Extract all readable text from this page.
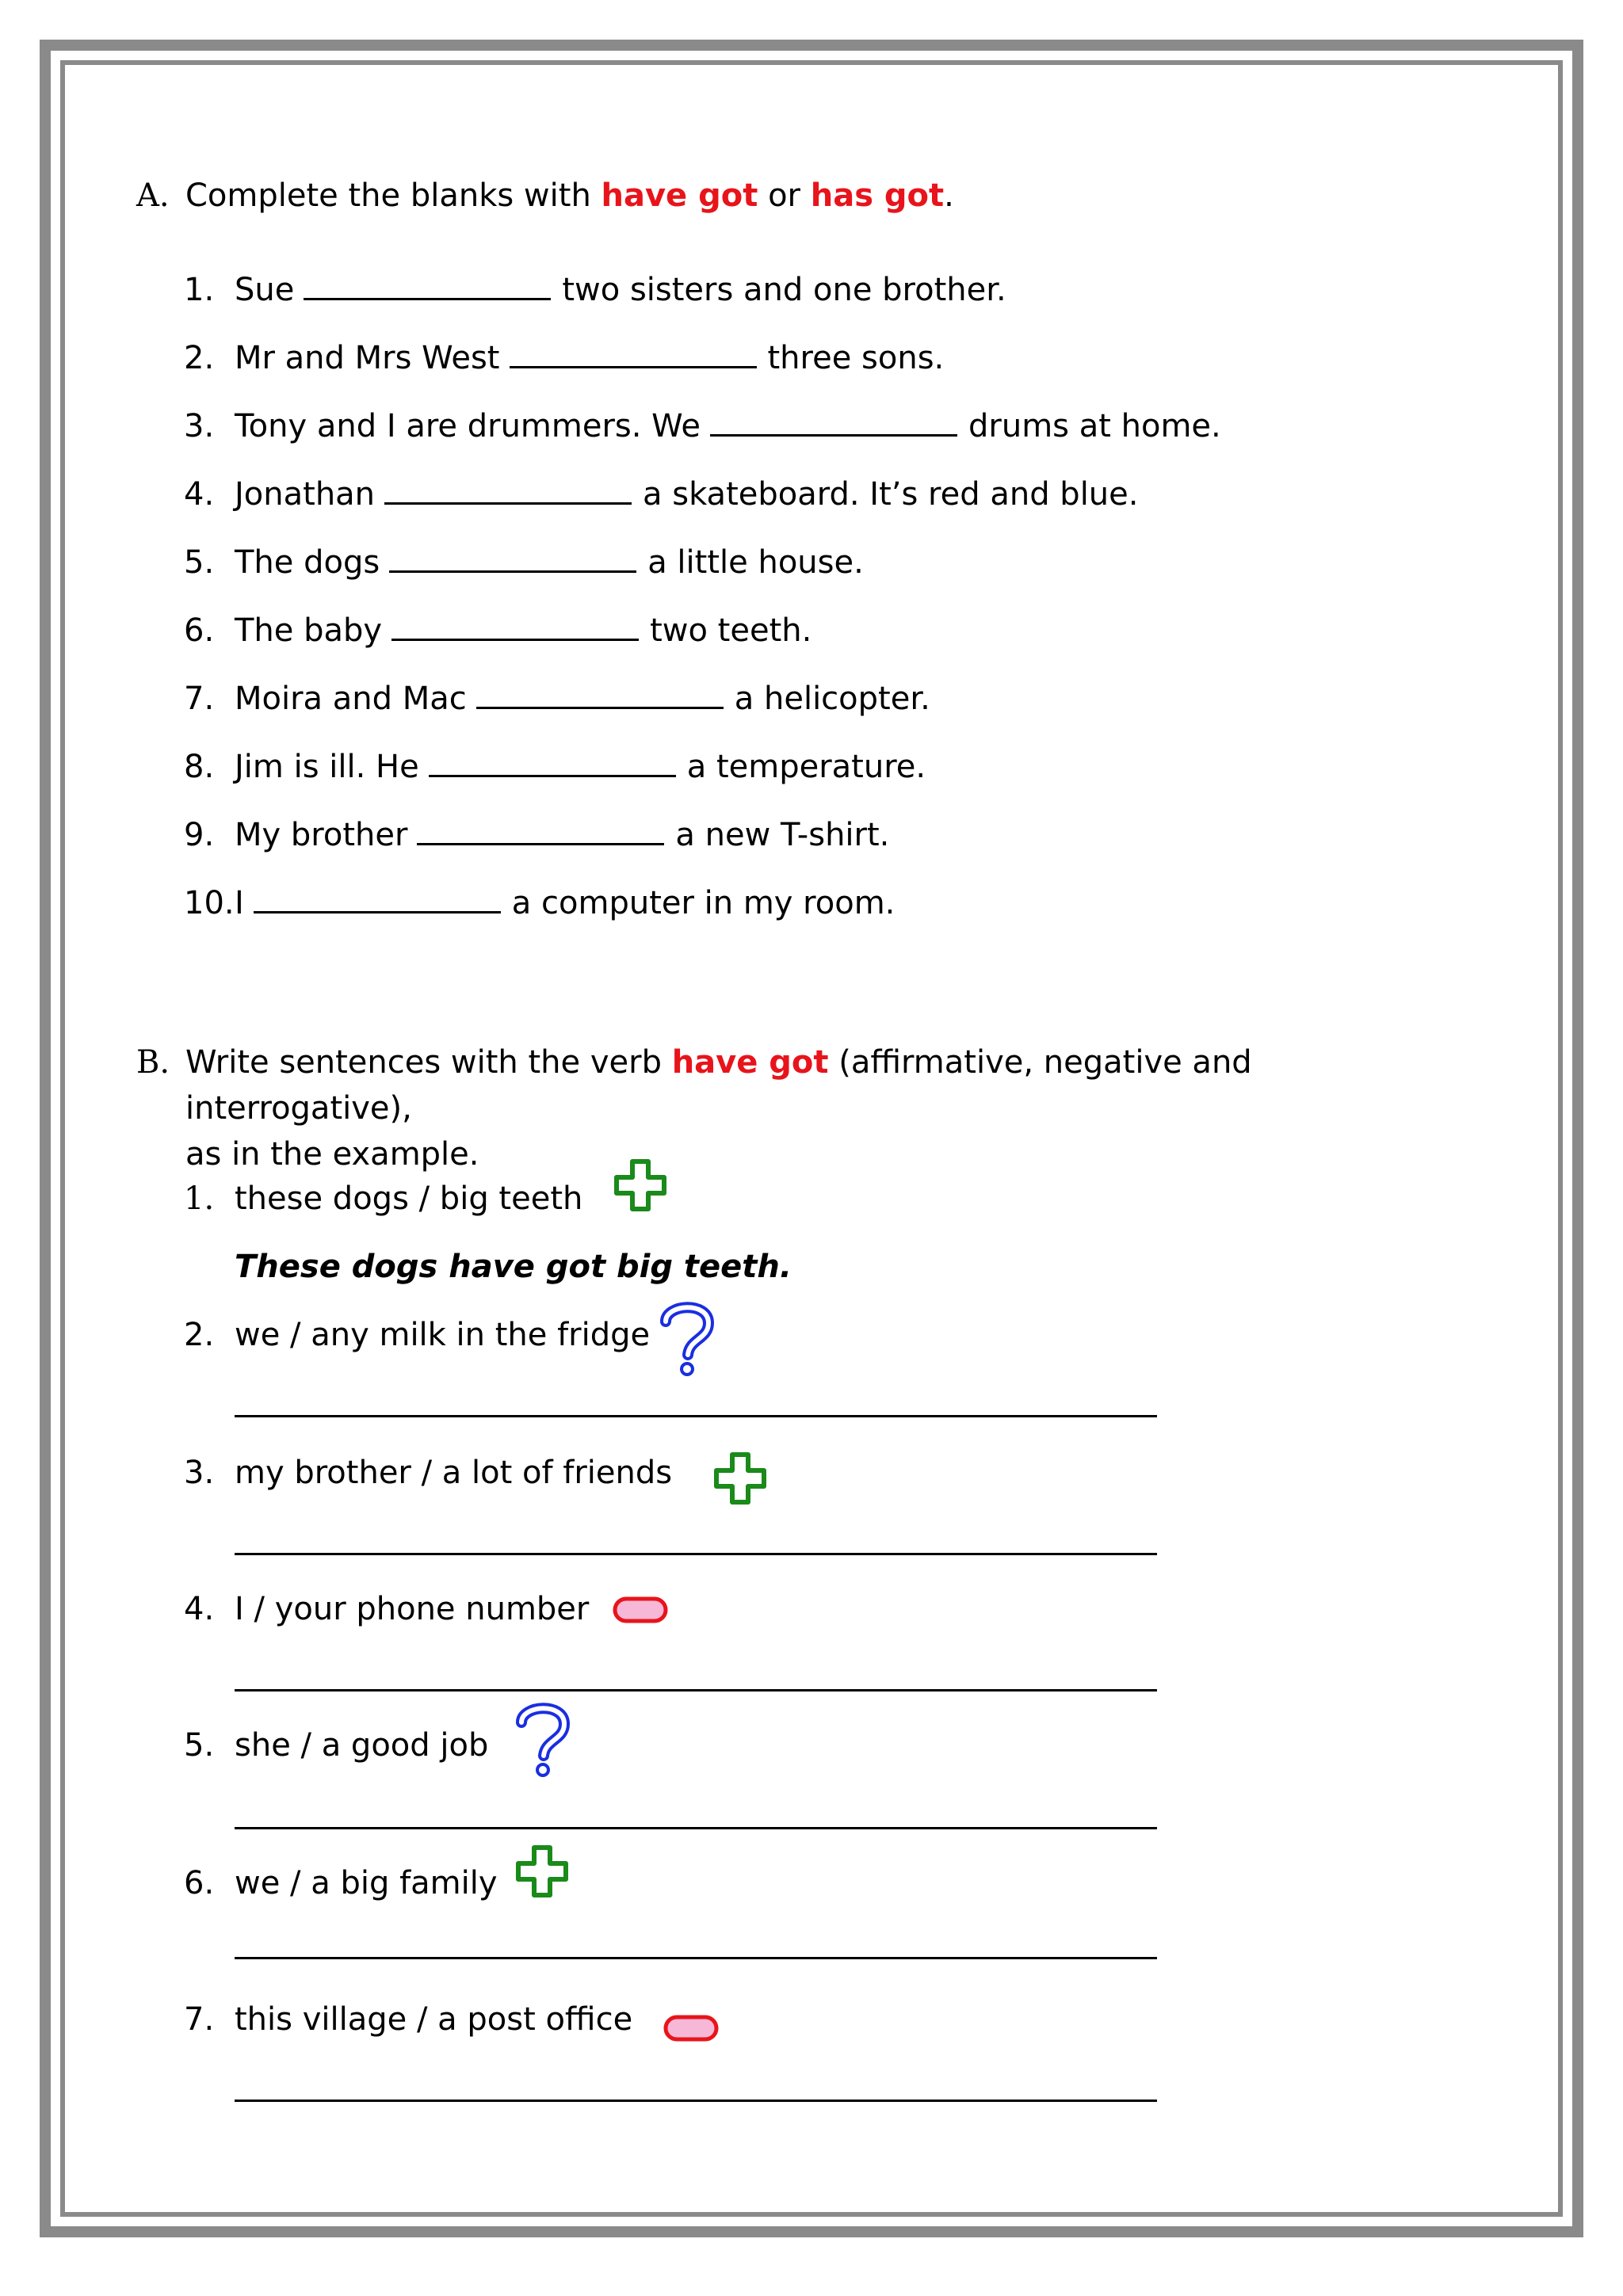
A. Complete the blanks with have got or has got.
1. Sue	two sisters and one brother.
2. Mr and Mrs West	three sons.
3. Tony and I are drummers. We	drums at home.
4. Jonathan	a skateboard. It’s red and blue.
5. The dogs	a little house.
6. The baby	two teeth.
7. Moira and Mac	a helicopter.
8. Jim is ill. He	a temperature.
9. My brother	a new T-shirt.
10.I	a computer in my room.
B. Write sentences with the verb have got (affirmative, negative and interrogative),
as in the example.
1. these dogs / big teeth
These dogs have got big teeth.
2. we / any milk in the fridge
3. my brother / a lot of friends
4. I / your phone number
5. she / a good job
6. we / a big family
7. this village / a post office
